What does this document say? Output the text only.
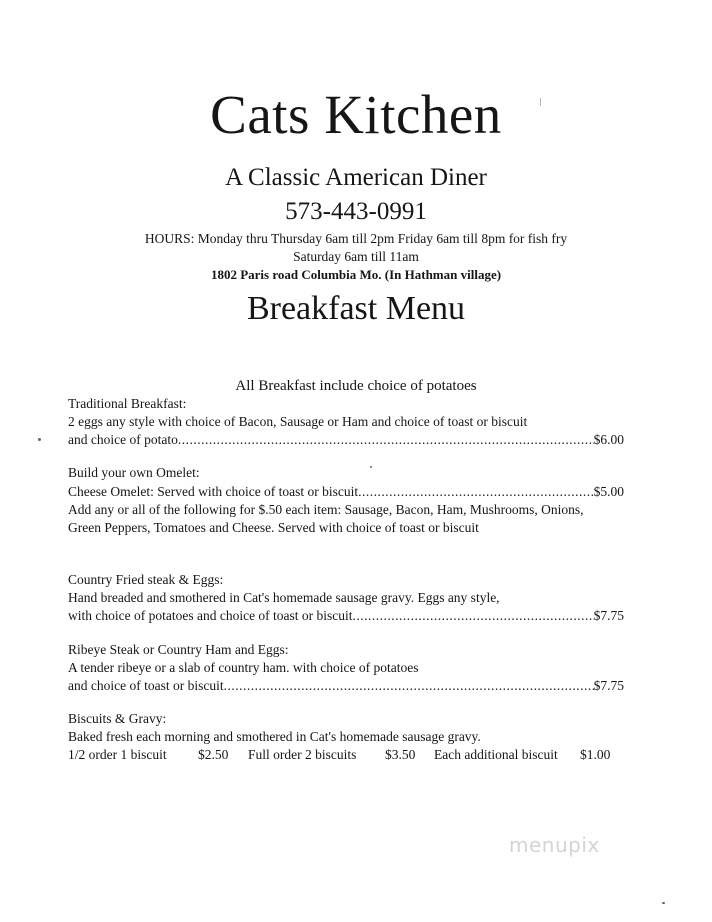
Cats Kitchen
A Classic American Diner
573-443-0991
HOURS: Monday thru Thursday 6am till 2pm Friday 6am till 8pm for fish fry
Saturday 6am till 11am
1802 Paris road Columbia Mo. (In Hathman village)
Breakfast Menu
All Breakfast include choice of potatoes
Traditional Breakfast:
2 eggs any style with choice of Bacon, Sausage or Ham and choice of toast or biscuit
and choice of potato .....	$6.00
Build your own Omelet:
Cheese Omelet: Served with choice of toast or biscuit .....	$5.00
Add any or all of the following for $.50 each item: Sausage, Bacon, Ham, Mushrooms, Onions,
Green Peppers, Tomatoes and Cheese. Served with choice of toast or biscuit
Country Fried steak & Eggs:
Hand breaded and smothered in Cat's homemade sausage gravy. Eggs any style,
with choice of potatoes and choice of toast or biscuit .....	$7.75
Ribeye Steak or Country Ham and Eggs:
A tender ribeye or a slab of country ham. with choice of potatoes
and choice of toast or biscuit .....	$7.75
Biscuits & Gravy:
Baked fresh each morning and smothered in Cat's homemade sausage gravy.
1/2 order 1 biscuit $2.50 Full order 2 biscuits $3.50 Each additional biscuit $1.00
menupix
